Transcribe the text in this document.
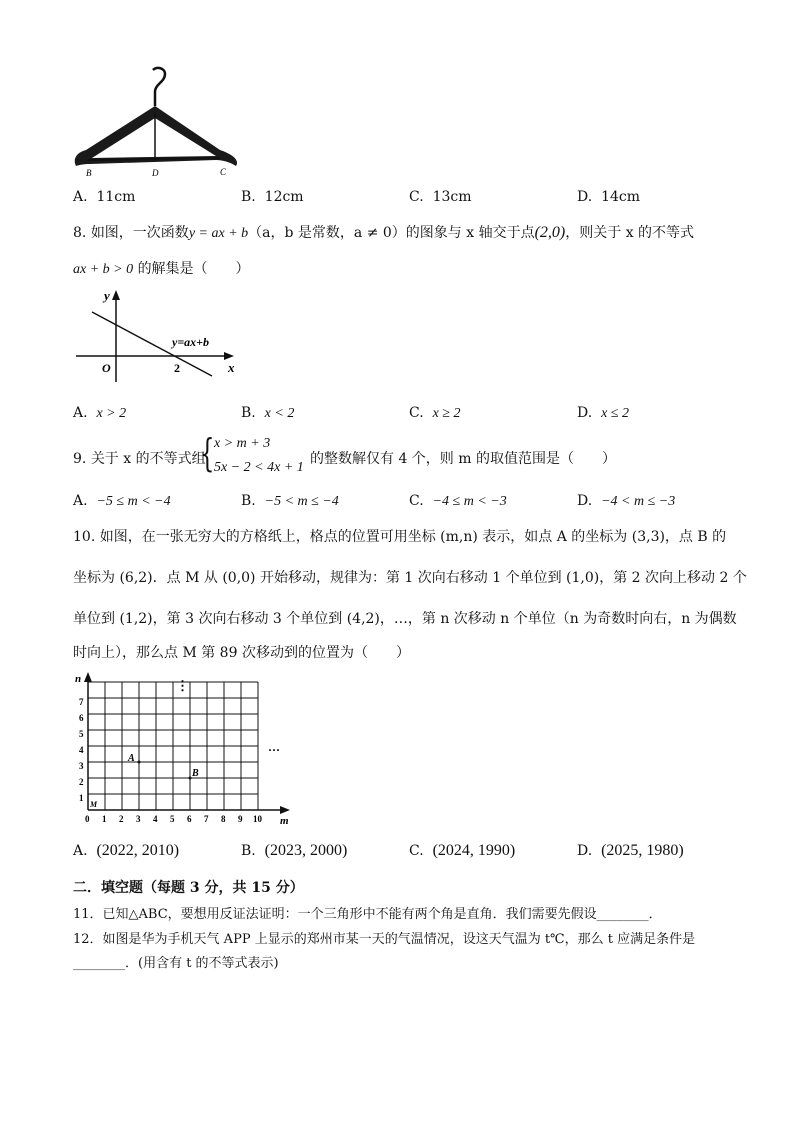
B	D	C
A. 11cm	B. 12cm	C. 13cm	D. 14cm
8. 如图，一次函数y = ax + b（a，b 是常数，a ≠ 0）的图象与 x 轴交于点(2,0)，则关于 x 的不等式
ax + b > 0 的解集是（　　）
y
x
O	2
y=ax+b
A. x > 2	B. x < 2	C. x ≥ 2	D. x ≤ 2
9. 关于 x 的不等式组
{ x > m + 3
5x − 2 < 4x + 1
的整数解仅有 4 个，则 m 的取值范围是（　　）
A. −5 ≤ m < −4	B. −5 < m ≤ −4	C. −4 ≤ m < −3	D. −4 < m ≤ −3
10. 如图，在一张无穷大的方格纸上，格点的位置可用坐标 (m,n) 表示，如点 A 的坐标为 (3,3)，点 B 的
坐标为 (6,2)．点 M 从 (0,0) 开始移动，规律为：第 1 次向右移动 1 个单位到 (1,0)，第 2 次向上移动 2 个
单位到 (1,2)，第 3 次向右移动 3 个单位到 (4,2)，…，第 n 次移动 n 个单位（n 为奇数时向右，n 为偶数
时向上），那么点 M 第 89 次移动到的位置为（　　）
n
m
7
6
5
4
3
2
1
0 1 2 3 4 5 6 7 8 9 10
A
B
M
⋮
···
A. (2022, 2010)	B. (2023, 2000)	C. (2024, 1990)	D. (2025, 1980)
二．填空题（每题 3 分，共 15 分）
11．已知△ABC，要想用反证法证明：一个三角形中不能有两个角是直角．我们需要先假设________．
12．如图是华为手机天气 APP 上显示的郑州市某一天的气温情况，设这天气温为 t℃，那么 t 应满足条件是
________．(用含有 t 的不等式表示)
